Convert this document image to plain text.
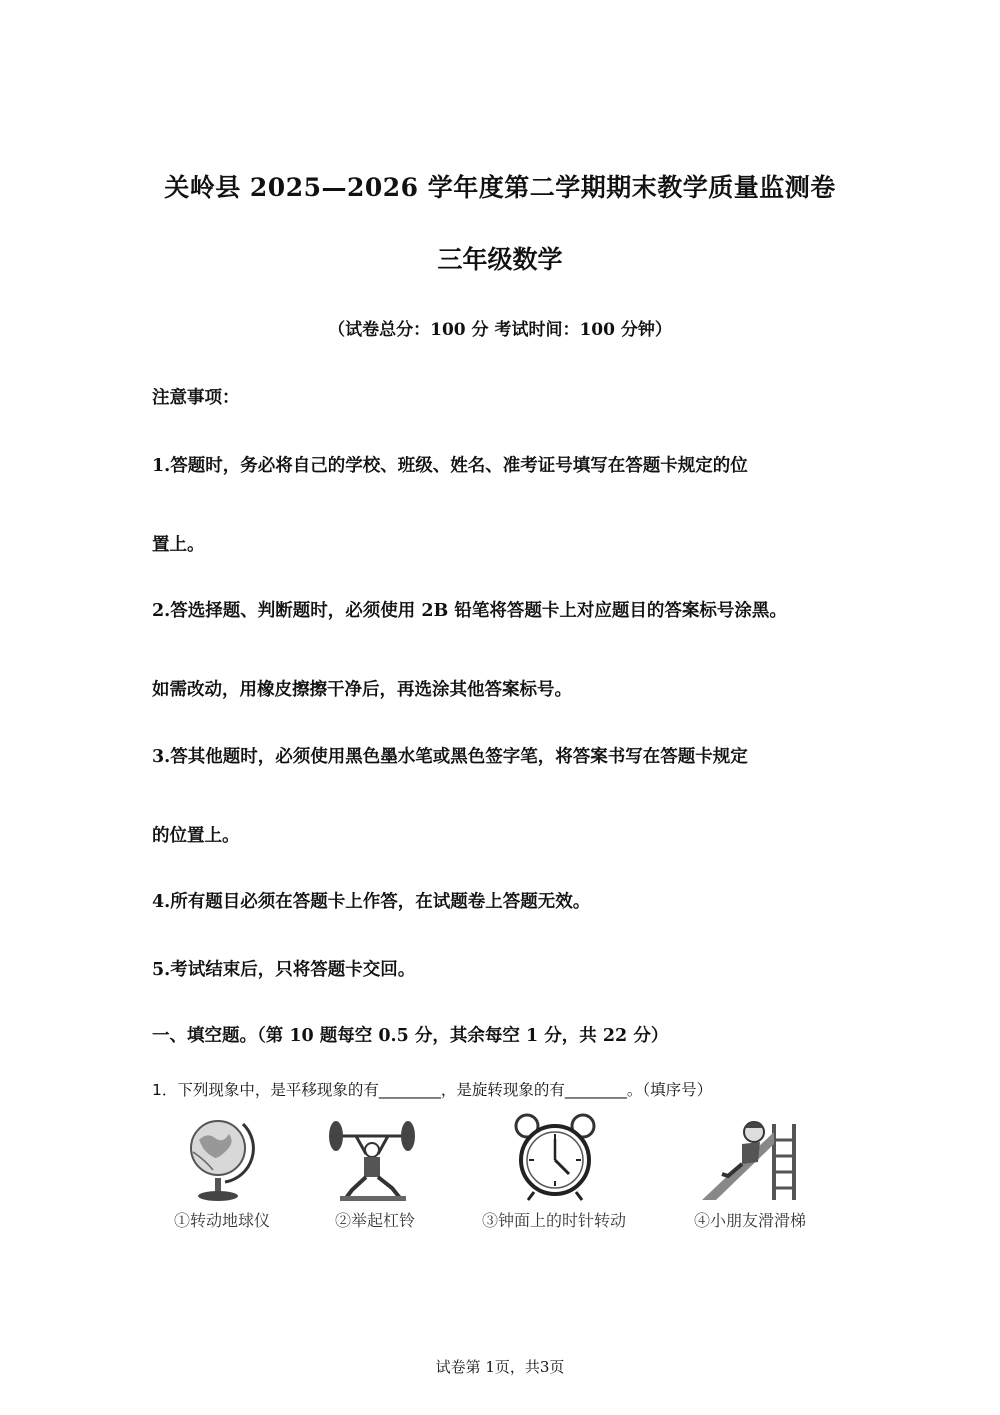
关岭县 2025—2026 学年度第二学期期末教学质量监测卷
三年级数学
（试卷总分：100 分 考试时间：100 分钟）
注意事项：
1.答题时，务必将自己的学校、班级、姓名、准考证号填写在答题卡规定的位
置上。
2.答选择题、判断题时，必须使用 2B 铅笔将答题卡上对应题目的答案标号涂黑。
如需改动，用橡皮擦擦干净后，再选涂其他答案标号。
3.答其他题时，必须使用黑色墨水笔或黑色签字笔，将答案书写在答题卡规定
的位置上。
4.所有题目必须在答题卡上作答，在试题卷上答题无效。
5.考试结束后，只将答题卡交回。
一、填空题。（第 10 题每空 0.5 分，其余每空 1 分，共 22 分）
1．下列现象中，是平移现象的有________，是旋转现象的有________。（填序号）
①转动地球仪	②举起杠铃	③钟面上的时针转动	④小朋友滑滑梯
试卷第 1页，共3页
